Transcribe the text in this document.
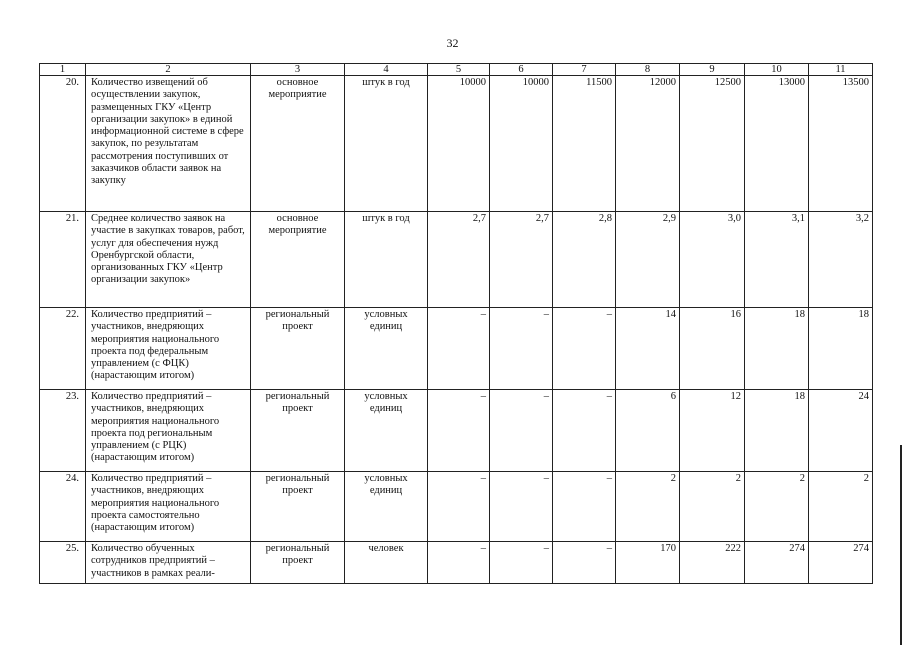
32
1	2	3	4	5	6	7	8	9	10	11
20.	Количество извещений об осуществлении закупок, размещенных ГКУ «Центр организации закупок» в единой информационной системе в сфере закупок, по результатам рассмотрения поступивших от заказчиков области заявок на закупку	основное мероприятие	штук в год	10000	10000	11500	12000	12500	13000	13500
21.	Среднее количество заявок на участие в закупках товаров, работ, услуг для обеспечения нужд Оренбургской области, организованных ГКУ «Центр организации закупок»	основное мероприятие	штук в год	2,7	2,7	2,8	2,9	3,0	3,1	3,2
22.	Количество предприятий – участников, внедряющих мероприятия национального проекта под федеральным управлением (с ФЦК) (нарастающим итогом)	региональный проект	условных единиц	–	–	–	14	16	18	18
23.	Количество предприятий – участников, внедряющих мероприятия национального проекта под региональным управлением (с РЦК) (нарастающим итогом)	региональный проект	условных единиц	–	–	–	6	12	18	24
24.	Количество предприятий – участников, внедряющих мероприятия национального проекта самостоятельно (нарастающим итогом)	региональный проект	условных единиц	–	–	–	2	2	2	2
25.	Количество обученных сотрудников предприятий – участников в рамках реали-	региональный проект	человек	–	–	–	170	222	274	274
